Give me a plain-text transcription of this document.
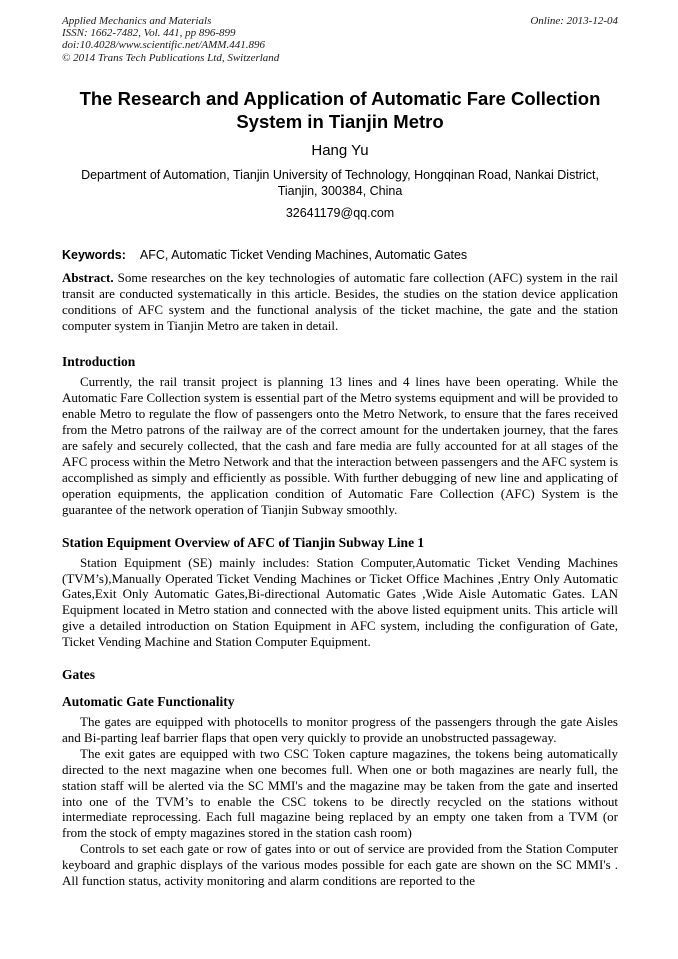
Applied Mechanics and Materials
ISSN: 1662-7482, Vol. 441, pp 896-899
doi:10.4028/www.scientific.net/AMM.441.896
© 2014 Trans Tech Publications Ltd, Switzerland
Online: 2013-12-04
The Research and Application of Automatic Fare Collection System in Tianjin Metro
Hang Yu
Department of Automation, Tianjin University of Technology, Hongqinan Road, Nankai District, Tianjin, 300384, China
32641179@qq.com
Keywords: AFC, Automatic Ticket Vending Machines, Automatic Gates
Abstract. Some researches on the key technologies of automatic fare collection (AFC) system in the rail transit are conducted systematically in this article. Besides, the studies on the station device application conditions of AFC system and the functional analysis of the ticket machine, the gate and the station computer system in Tianjin Metro are taken in detail.
Introduction

Currently, the rail transit project is planning 13 lines and 4 lines have been operating. While the Automatic Fare Collection system is essential part of the Metro systems equipment and will be provided to enable Metro to regulate the flow of passengers onto the Metro Network, to ensure that the fares received from the Metro patrons of the railway are of the correct amount for the undertaken journey, that the fares are safely and securely collected, that the cash and fare media are fully accounted for at all stages of the AFC process within the Metro Network and that the interaction between passengers and the AFC system is accomplished as simply and efficiently as possible. With further debugging of new line and applicating of operation equipments, the application condition of Automatic Fare Collection (AFC) System is the guarantee of the network operation of Tianjin Subway smoothly.

Station Equipment Overview of AFC of Tianjin Subway Line 1

Station Equipment (SE) mainly includes: Station Computer,Automatic Ticket Vending Machines (TVM’s),Manually Operated Ticket Vending Machines or Ticket Office Machines ,Entry Only Automatic Gates,Exit Only Automatic Gates,Bi-directional Automatic Gates ,Wide Aisle Automatic Gates. LAN Equipment located in Metro station and connected with the above listed equipment units. This article will give a detailed introduction on Station Equipment in AFC system, including the configuration of Gate, Ticket Vending Machine and Station Computer Equipment.

Gates
Automatic Gate Functionality

The gates are equipped with photocells to monitor progress of the passengers through the gate Aisles and Bi-parting leaf barrier flaps that open very quickly to provide an unobstructed passageway.

The exit gates are equipped with two CSC Token capture magazines, the tokens being automatically directed to the next magazine when one becomes full. When one or both magazines are nearly full, the station staff will be alerted via the SC MMI's and the magazine may be taken from the gate and inserted into one of the TVM’s to enable the CSC tokens to be directly recycled on the stations without intermediate reprocessing. Each full magazine being replaced by an empty one taken from a TVM (or from the stock of empty magazines stored in the station cash room)

Controls to set each gate or row of gates into or out of service are provided from the Station Computer keyboard and graphic displays of the various modes possible for each gate are shown on the SC MMI's . All function status, activity monitoring and alarm conditions are reported to the
